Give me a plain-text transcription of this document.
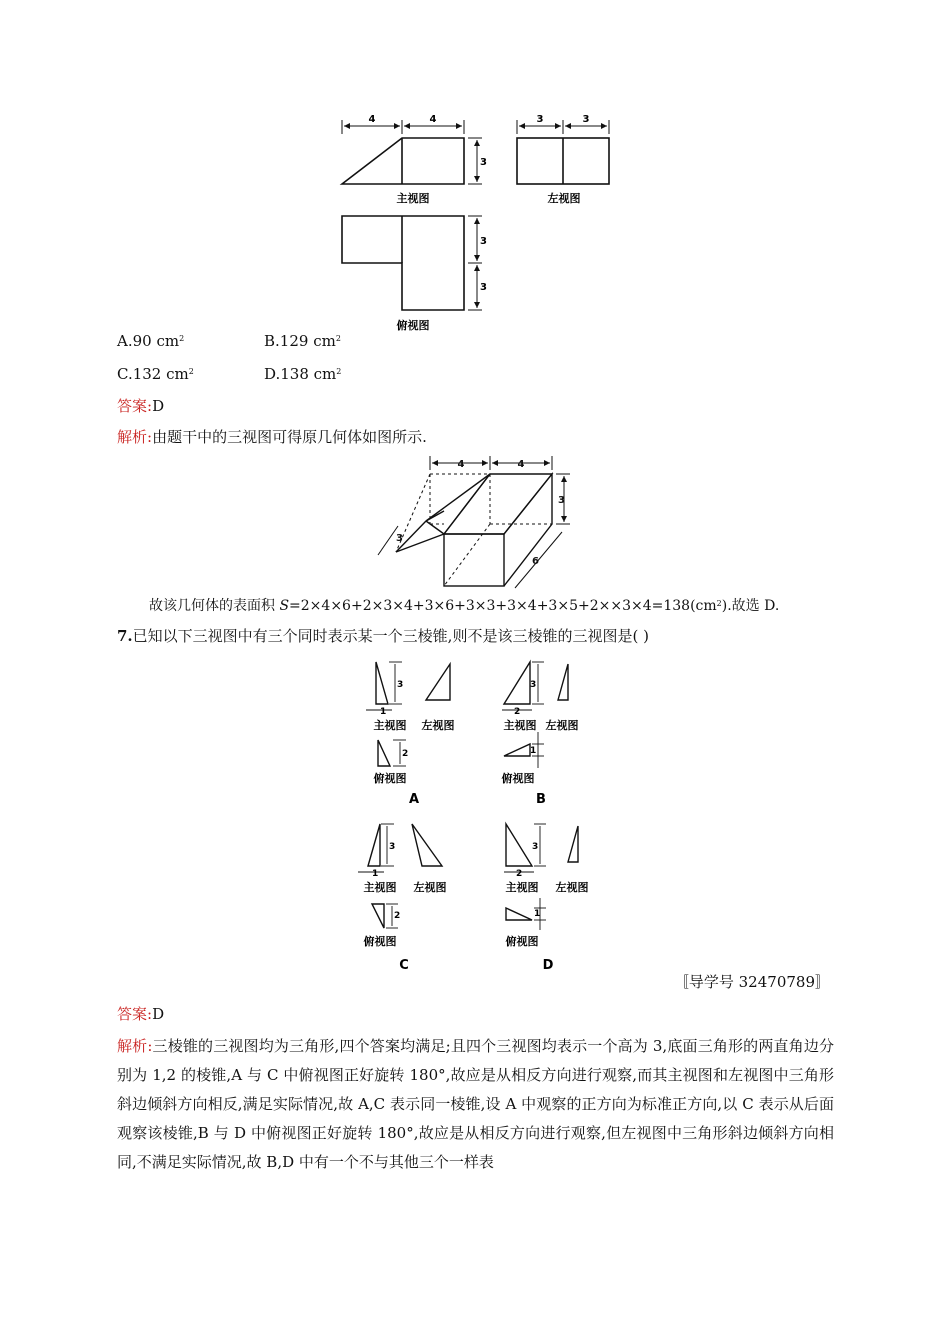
4	4
3
3	3
3
3
主视图	左视图
俯视图
A.90 $cm^2$	B.129 $cm^2$
C.132 $cm^2$	D.138 $cm^2$
答案:D
解析:由题干中的三视图可得原几何体如图所示.
4	4
3
3
6
故该几何体的表面积 $S=2\times 4\times 6+2\times 3\times 4+3\times 6+3\times 3+3\times 4+3\times 5+2\times\times 3\times 4=138(cm^2)$.故选 D.
7.已知以下三视图中有三个同时表示某一个三棱锥,则不是该三棱锥的三视图是( )
3
1
2
主视图 左视图
俯视图
A
3
2
1
主视图 左视图
俯视图
B
3
1
2
主视图 左视图
俯视图
C
3
2
1
主视图 左视图
俯视图
D
〚导学号 32470789〛
答案:D
解析:三棱锥的三视图均为三角形,四个答案均满足;且四个三视图均表示一个高为 3,底面三角形的两直角边分别为 1,2 的棱锥,A 与 C 中俯视图正好旋转 180°,故应是从相反方向进行观察,而其主视图和左视图中三角形斜边倾斜方向相反,满足实际情况,故 A,C 表示同一棱锥,设 A 中观察的正方向为标准正方向,以 C 表示从后面观察该棱锥,B 与 D 中俯视图正好旋转 180°,故应是从相反方向进行观察,但左视图中三角形斜边倾斜方向相同,不满足实际情况,故 B,D 中有一个不与其他三个一样表
